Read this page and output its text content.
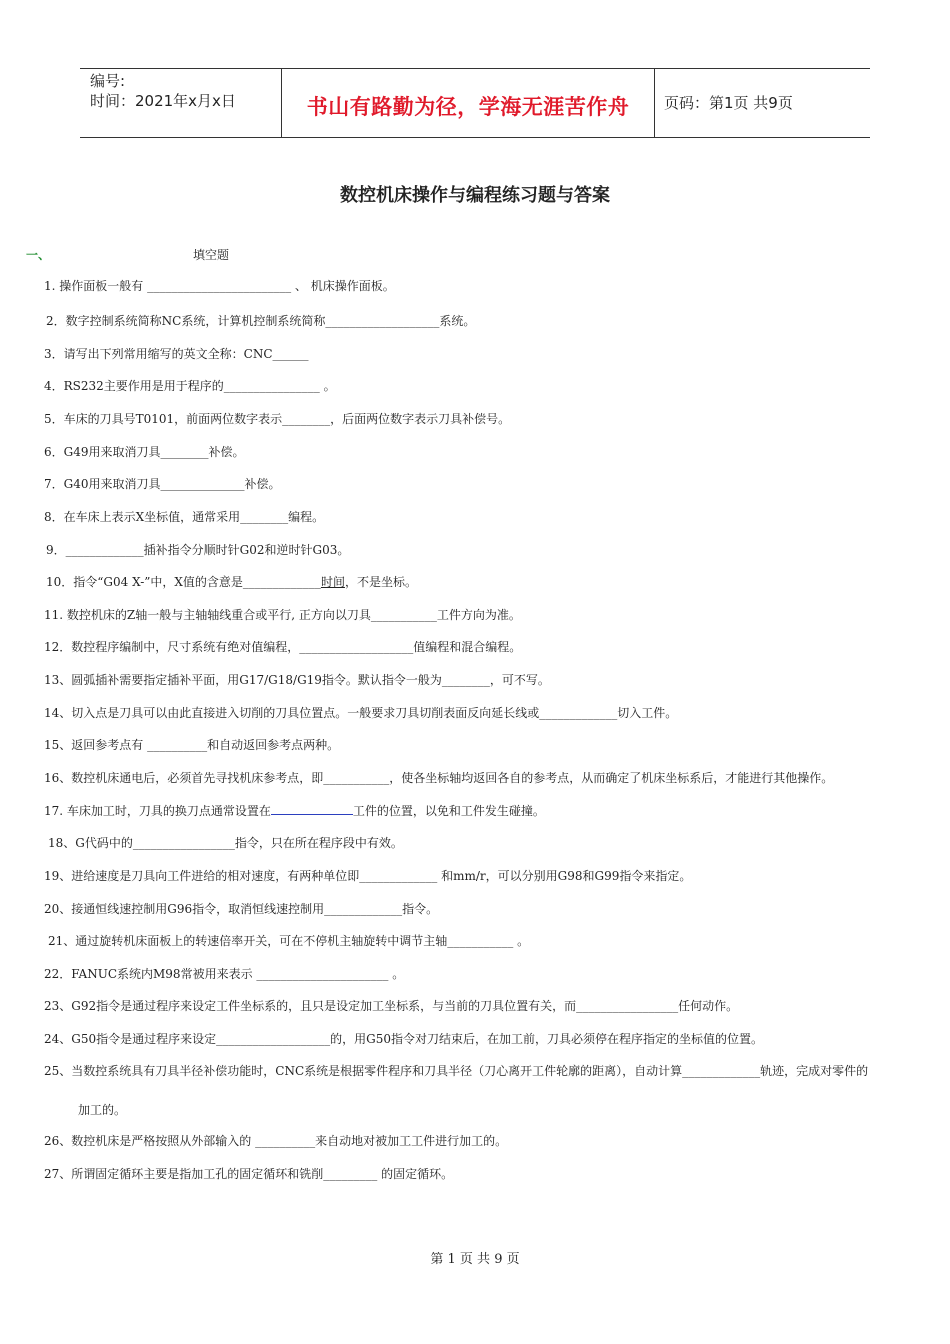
编号:
时间：2021年x月x日	书山有路勤为径，学海无涯苦作舟	页码：第1页 共9页
数控机床操作与编程练习题与答案
一、	填空题
1. 操作面板一般有 ________________________ 、 机床操作面板。
2．数字控制系统简称NC系统，计算机控制系统简称___________________系统。
3．请写出下列常用缩写的英文全称：CNC______
4．RS232主要作用是用于程序的________________ 。
5．车床的刀具号T0101，前面两位数字表示________，后面两位数字表示刀具补偿号。
6．G49用来取消刀具________补偿。
7．G40用来取消刀具______________补偿。
8．在车床上表示X坐标值，通常采用________编程。
9．_____________插补指令分顺时针G02和逆时针G03。
10．指令“G04 X-”中，X值的含意是_____________时间，不是坐标。
11. 数控机床的Z轴一般与主轴轴线重合或平行, 正方向以刀具___________工件方向为准。
12．数控程序编制中，尺寸系统有绝对值编程，___________________值编程和混合编程。
13、圆弧插补需要指定插补平面，用G17/G18/G19指令。默认指令一般为________，可不写。
14、切入点是刀具可以由此直接进入切削的刀具位置点。一般要求刀具切削表面反向延长线或_____________切入工件。
15、返回参考点有 __________和自动返回参考点两种。
16、数控机床通电后，必须首先寻找机床参考点，即___________，使各坐标轴均返回各自的参考点，从而确定了机床坐标系后，才能进行其他操作。
17. 车床加工时，刀具的换刀点通常设置在	工件的位置，以免和工件发生碰撞。
18、G代码中的_________________指令，只在所在程序段中有效。
19、进给速度是刀具向工件进给的相对速度，有两种单位即_____________ 和mm/r，可以分别用G98和G99指令来指定。
20、接通恒线速控制用G96指令，取消恒线速控制用_____________指令。
21、通过旋转机床面板上的转速倍率开关，可在不停机主轴旋转中调节主轴___________ 。
22．FANUC系统内M98常被用来表示 ______________________ 。
23、G92指令是通过程序来设定工件坐标系的，且只是设定加工坐标系，与当前的刀具位置有关，而_________________任何动作。
24、G50指令是通过程序来设定___________________的，用G50指令对刀结束后，在加工前，刀具必须停在程序指定的坐标值的位置。
25、当数控系统具有刀具半径补偿功能时，CNC系统是根据零件程序和刀具半径（刀心离开工件轮廓的距离），自动计算_____________轨迹，完成对零件的
加工的。
26、数控机床是严格按照从外部输入的 __________来自动地对被加工工件进行加工的。
27、所谓固定循环主要是指加工孔的固定循环和铣削_________ 的固定循环。
第 1 页 共 9 页
